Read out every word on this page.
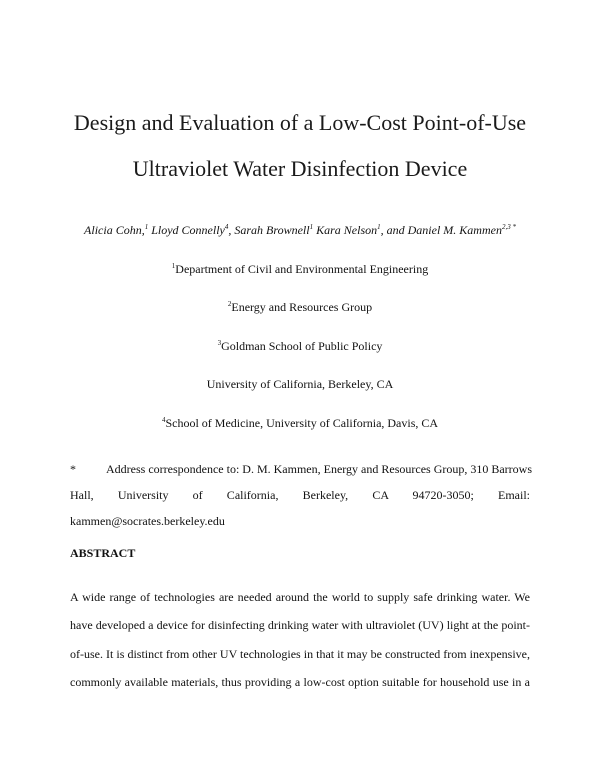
Design and Evaluation of a Low-Cost Point-of-Use
Ultraviolet Water Disinfection Device
Alicia Cohn,$^1$ Lloyd Connelly$^4$, Sarah Brownell$^1$ Kara Nelson$^1$, and Daniel M. Kammen$^{2,3 *}$
$^1$Department of Civil and Environmental Engineering
$^2$Energy and Resources Group
$^3$Goldman School of Public Policy
University of California, Berkeley, CA
$^4$School of Medicine, University of California, Davis, CA
*	Address correspondence to: D. M. Kammen, Energy and Resources Group, 310 Barrows
Hall, University of California, Berkeley, CA 94720-3050; Email:
kammen@socrates.berkeley.edu
ABSTRACT
A wide range of technologies are needed around the world to supply safe drinking water. We
have developed a device for disinfecting drinking water with ultraviolet (UV) light at the point-
of-use. It is distinct from other UV technologies in that it may be constructed from inexpensive,
commonly available materials, thus providing a low-cost option suitable for household use in a
